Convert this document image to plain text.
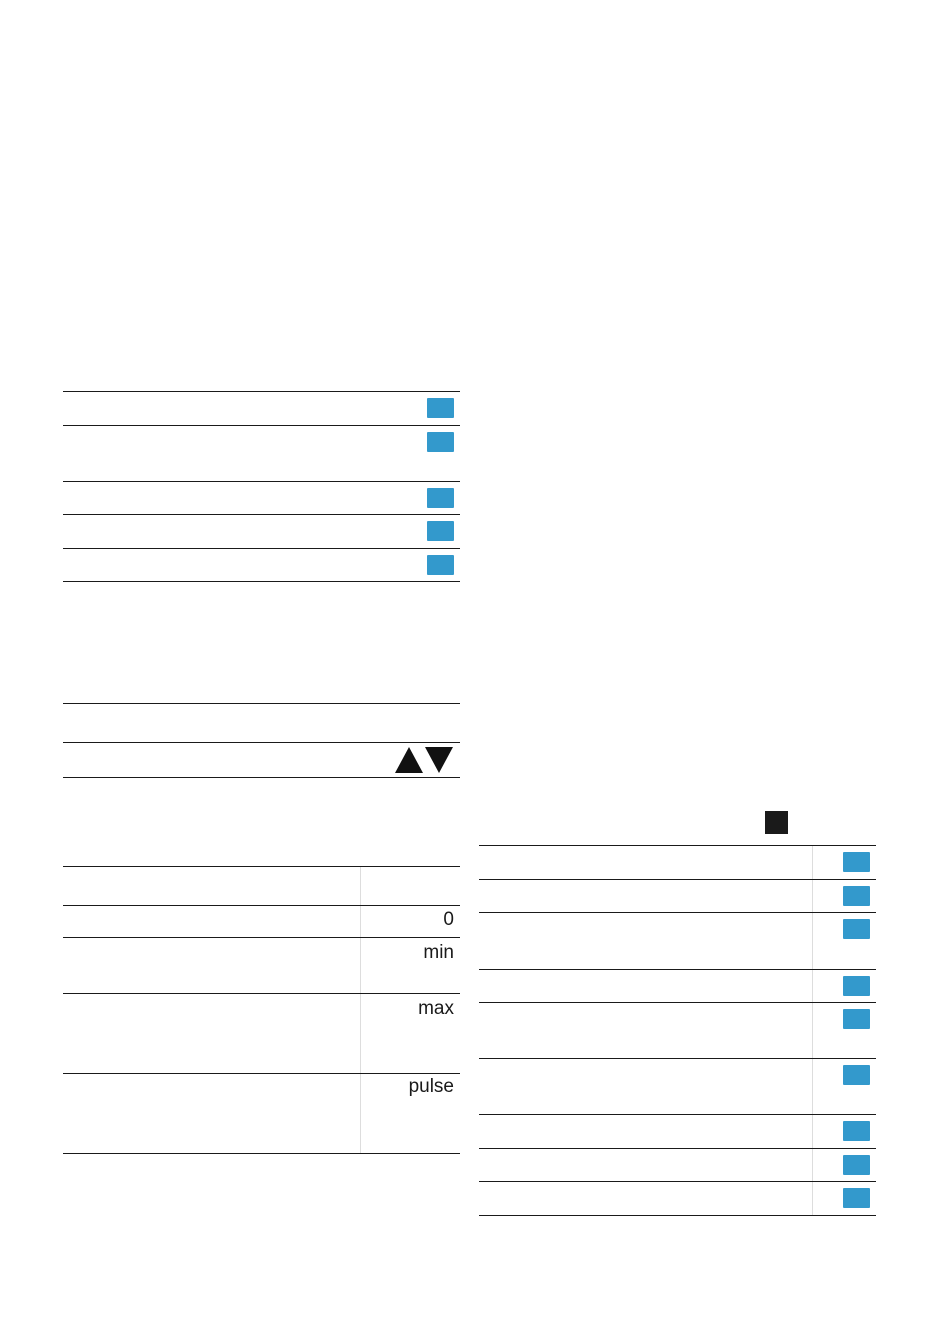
0
min
max
pulse
